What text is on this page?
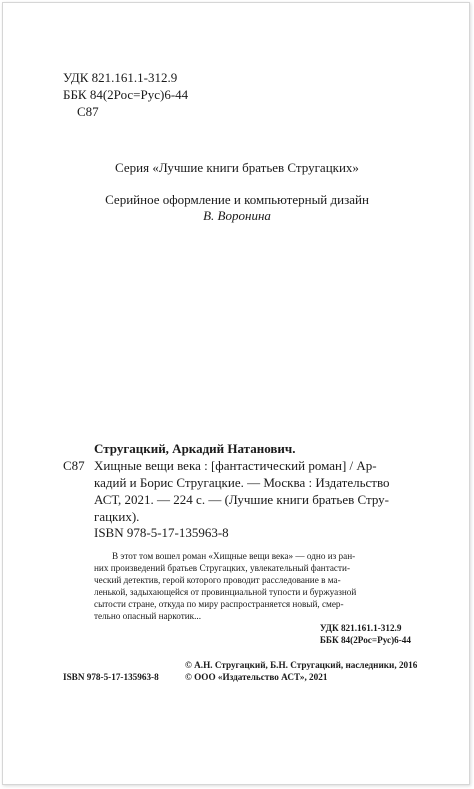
УДК 821.161.1-312.9
ББК 84(2Рос=Рус)6-44
С87
Серия «Лучшие книги братьев Стругацких»
Серийное оформление и компьютерный дизайн
В. Воронина
Стругацкий, Аркадий Натанович.
С87 Хищные вещи века : [фантастический роман] / Ар-
кадий и Борис Стругацкие. — Москва : Издательство
АСТ, 2021. — 224 с. — (Лучшие книги братьев Стру-
гацких).
ISBN 978-5-17-135963-8
В этот том вошел роман «Хищные вещи века» — одно из ран-
них произведений братьев Стругацких, увлекательный фантасти-
ческий детектив, герой которого проводит расследование в ма-
ленькой, задыхающейся от провинциальной тупости и буржуазной
сытости стране, откуда по миру распространяется новый, смер-
тельно опасный наркотик...
УДК 821.161.1-312.9
ББК 84(2Рос=Рус)6-44
ISBN 978-5-17-135963-8
© А.Н. Стругацкий, Б.Н. Стругацкий, наследники, 2016
© ООО «Издательство АСТ», 2021
